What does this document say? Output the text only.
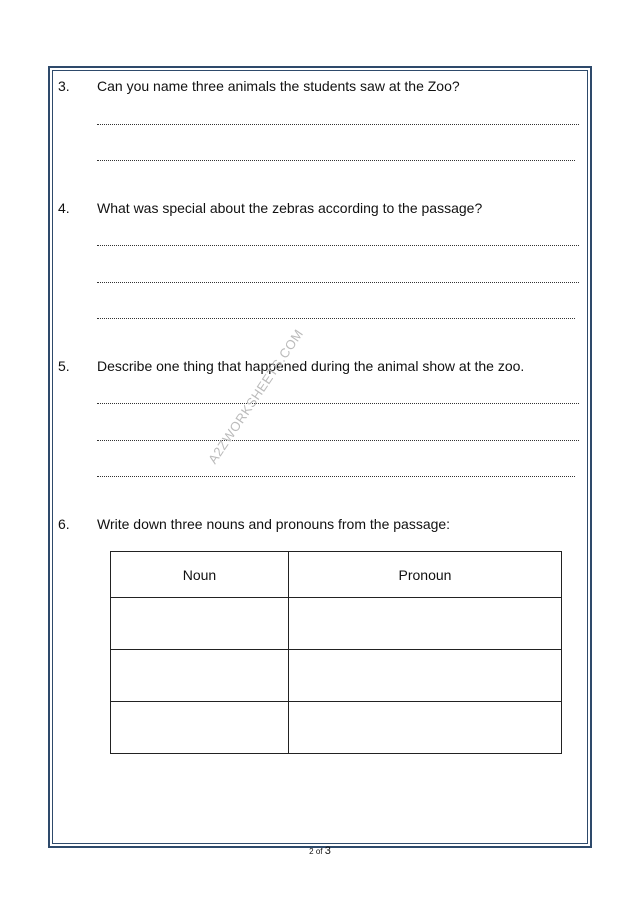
3. Can you name three animals the students saw at the Zoo?
4. What was special about the zebras according to the passage?
5. Describe one thing that happened during the animal show at the zoo.
6. Write down three nouns and pronouns from the passage:
Noun	Pronoun

A2ZWORKSHEETS.COM
2 of 3
